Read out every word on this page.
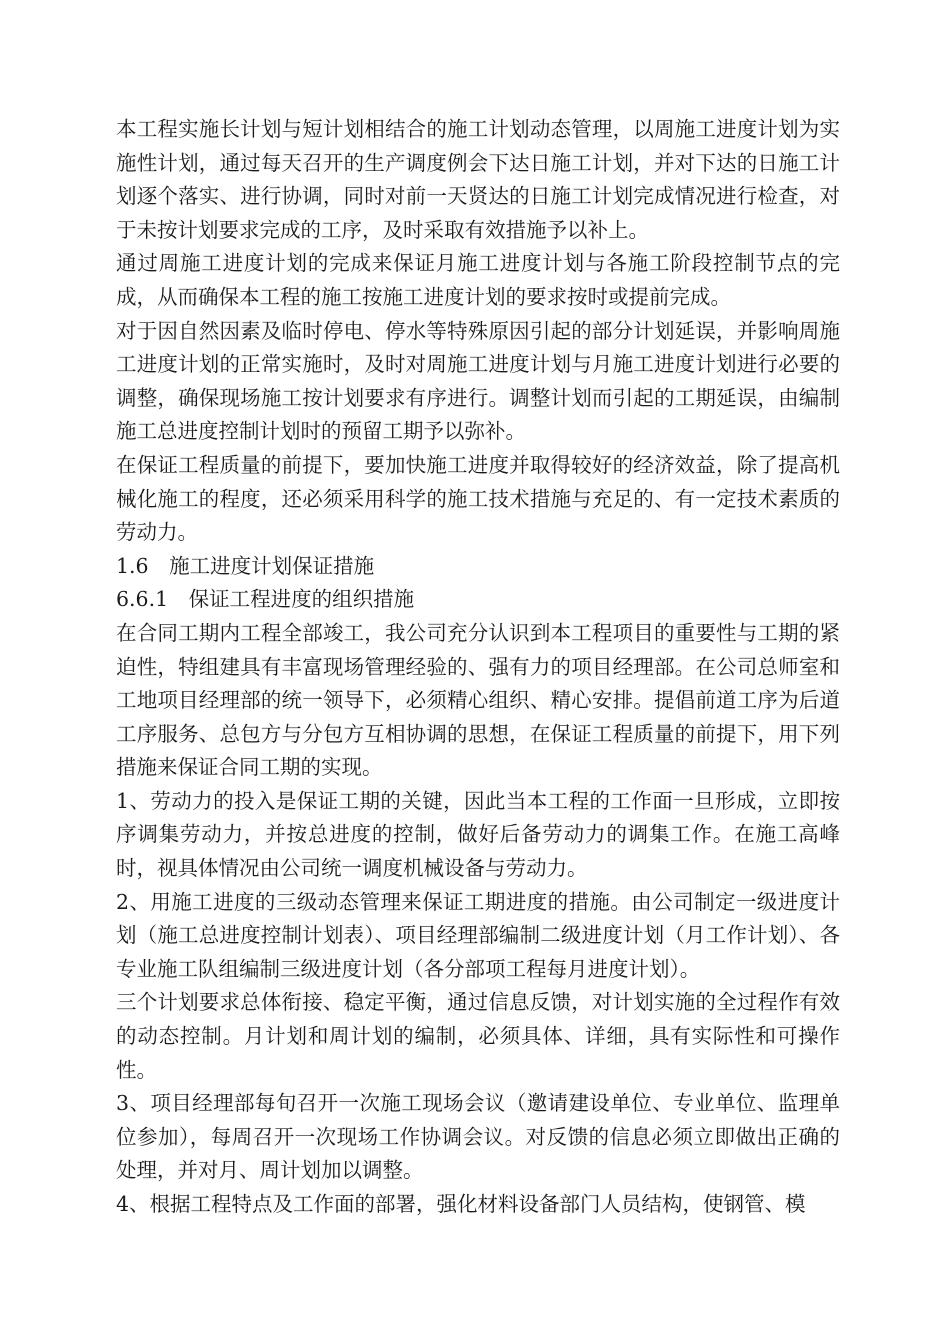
本工程实施长计划与短计划相结合的施工计划动态管理，以周施工进度计划为实施性计划，通过每天召开的生产调度例会下达日施工计划，并对下达的日施工计划逐个落实、进行协调，同时对前一天贤达的日施工计划完成情况进行检查，对于未按计划要求完成的工序，及时采取有效措施予以补上。

通过周施工进度计划的完成来保证月施工进度计划与各施工阶段控制节点的完成，从而确保本工程的施工按施工进度计划的要求按时或提前完成。

对于因自然因素及临时停电、停水等特殊原因引起的部分计划延误，并影响周施工进度计划的正常实施时，及时对周施工进度计划与月施工进度计划进行必要的调整，确保现场施工按计划要求有序进行。调整计划而引起的工期延误，由编制施工总进度控制计划时的预留工期予以弥补。

在保证工程质量的前提下，要加快施工进度并取得较好的经济效益，除了提高机械化施工的程度，还必须采用科学的施工技术措施与充足的、有一定技术素质的劳动力。

1.6　施工进度计划保证措施

6.6.1　保证工程进度的组织措施

在合同工期内工程全部竣工，我公司充分认识到本工程项目的重要性与工期的紧迫性，特组建具有丰富现场管理经验的、强有力的项目经理部。在公司总师室和工地项目经理部的统一领导下，必须精心组织、精心安排。提倡前道工序为后道工序服务、总包方与分包方互相协调的思想，在保证工程质量的前提下，用下列措施来保证合同工期的实现。

1、劳动力的投入是保证工期的关键，因此当本工程的工作面一旦形成，立即按序调集劳动力，并按总进度的控制，做好后备劳动力的调集工作。在施工高峰时，视具体情况由公司统一调度机械设备与劳动力。

2、用施工进度的三级动态管理来保证工期进度的措施。由公司制定一级进度计划（施工总进度控制计划表）、项目经理部编制二级进度计划（月工作计划）、各专业施工队组编制三级进度计划（各分部项工程每月进度计划）。

三个计划要求总体衔接、稳定平衡，通过信息反馈，对计划实施的全过程作有效的动态控制。月计划和周计划的编制，必须具体、详细，具有实际性和可操作性。

3、项目经理部每旬召开一次施工现场会议（邀请建设单位、专业单位、监理单位参加），每周召开一次现场工作协调会议。对反馈的信息必须立即做出正确的处理，并对月、周计划加以调整。

4、根据工程特点及工作面的部署，强化材料设备部门人员结构，使钢管、模
